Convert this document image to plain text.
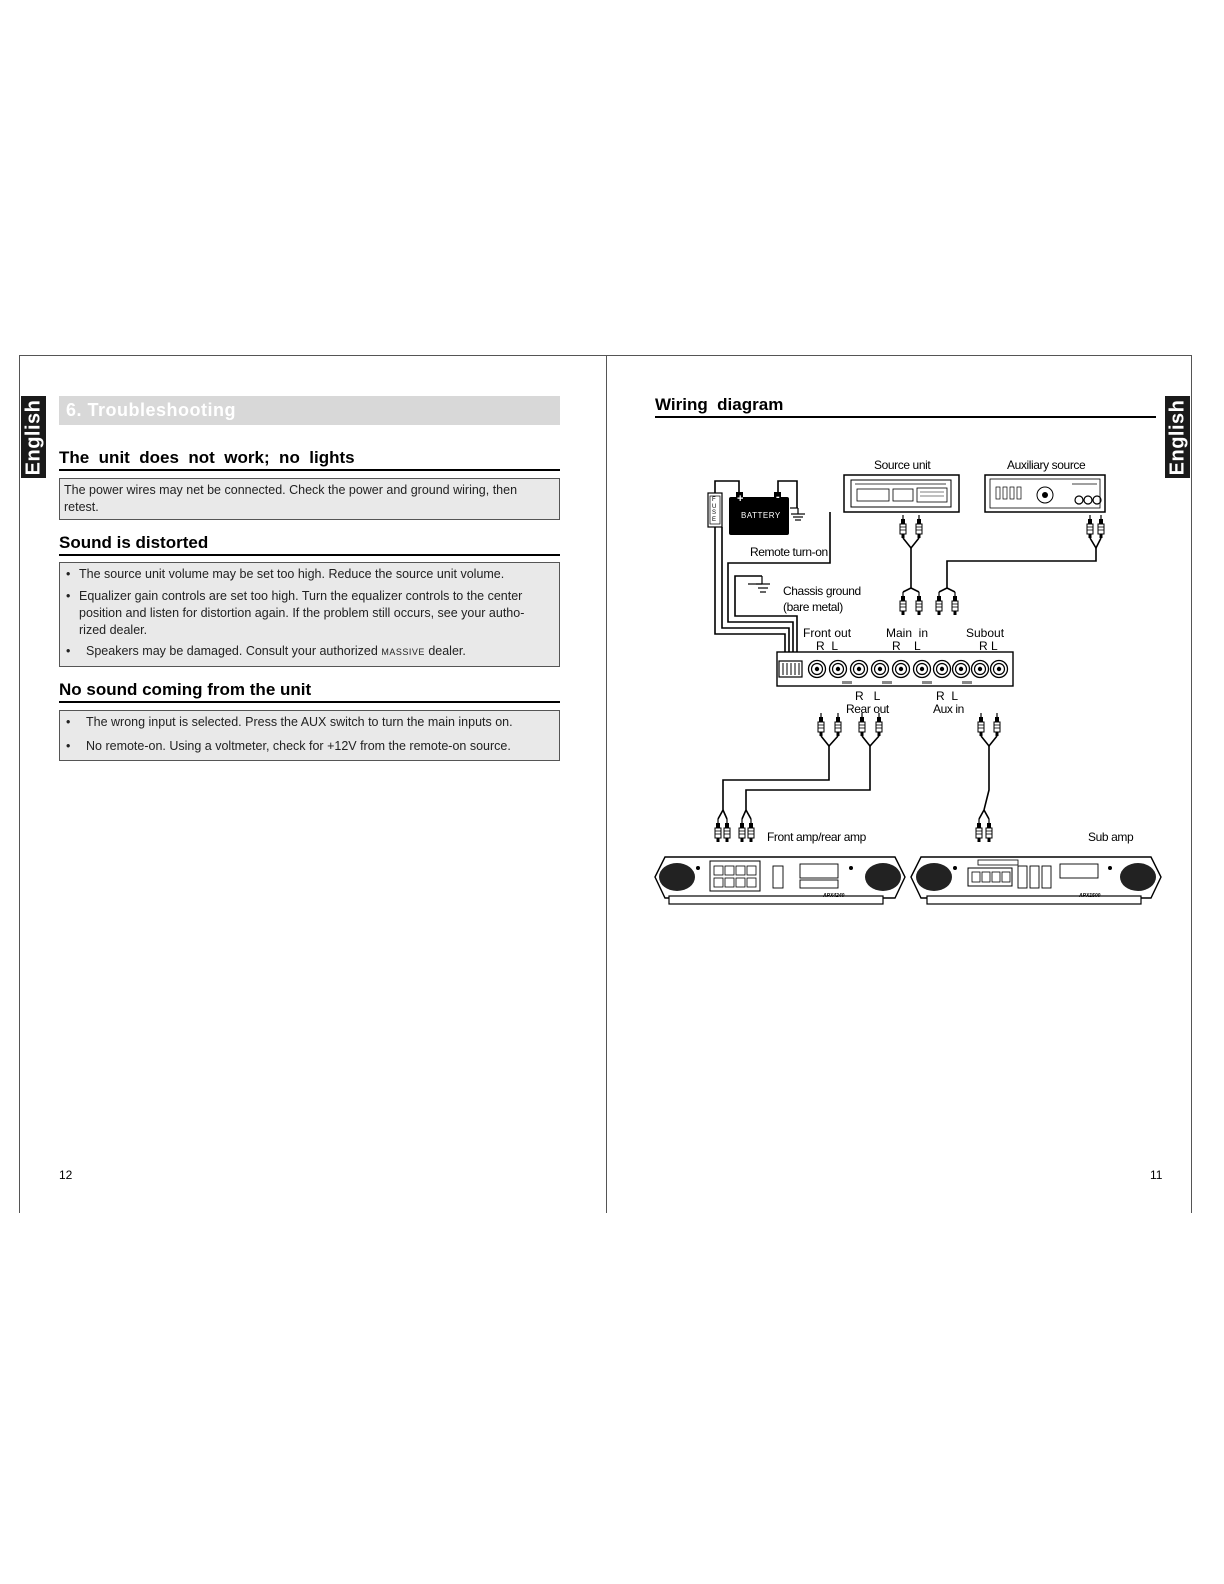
English	English
6. Troubleshooting
The  unit  does  not  work;  no  lights
The power wires may net be connected. Check the power and ground wiring, then retest.
Sound is distorted
• The source unit volume may be set too high. Reduce the source unit volume.
• Equalizer gain controls are set too high. Turn the equalizer controls to the center position and listen for distortion again. If the problem still occurs, see your autho-rized dealer.
• Speakers may be damaged. Consult your authorized MASSIVE dealer.
No sound coming from the unit
• The wrong input is selected. Press the AUX switch to turn the main inputs on.
• No remote-on. Using a voltmeter, check for +12V from the remote-on source.
12
Wiring  diagram
11
Source unit	Auxiliary source
BATTERY
+	-
FUSE
Remote turn-on
Chassis ground
(bare metal)
Front out
R  L
Main  in
R    L
Subout
R L
R   L
Rear out
R  L
Aux in
Front amp/rear amp	Sub amp
APX4240	APX1500
